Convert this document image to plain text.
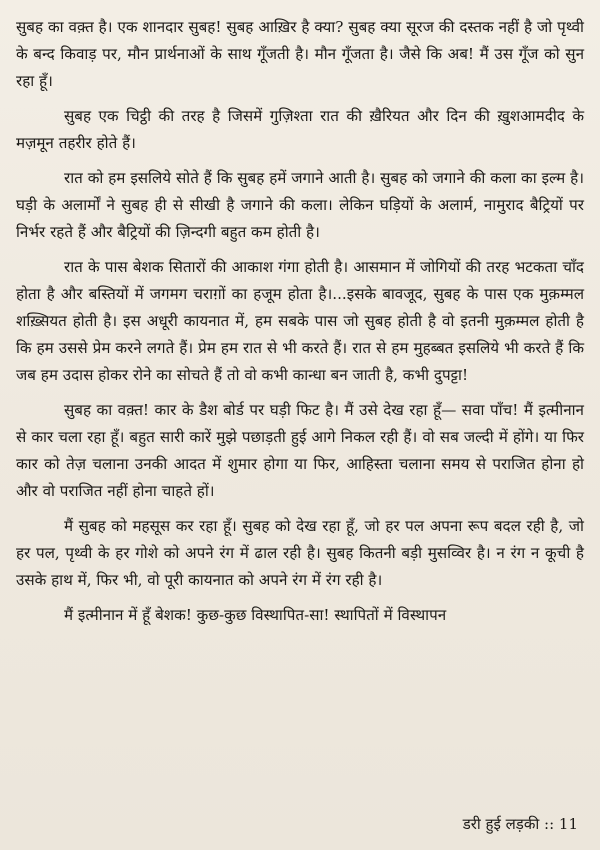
सुबह का वक़्त है। एक शानदार सुबह! सुबह आख़िर है क्या? सुबह क्या सूरज की दस्तक नहीं है जो पृथ्वी के बन्द किवाड़ पर, मौन प्रार्थनाओं के साथ गूँजती है। मौन गूँजता है। जैसे कि अब! मैं उस गूँज को सुन रहा हूँ।

सुबह एक चिट्ठी की तरह है जिसमें गुज़िश्ता रात की ख़ैरियत और दिन की ख़ुशआमदीद के मज़मून तहरीर होते हैं।

रात को हम इसलिये सोते हैं कि सुबह हमें जगाने आती है। सुबह को जगाने की कला का इल्म है। घड़ी के अलार्मों ने सुबह ही से सीखी है जगाने की कला। लेकिन घड़ियों के अलार्म, नामुराद बैट्रियों पर निर्भर रहते हैं और बैट्रियों की ज़िन्दगी बहुत कम होती है।

रात के पास बेशक सितारों की आकाश गंगा होती है। आसमान में जोगियों की तरह भटकता चाँद होता है और बस्तियों में जगमग चराग़ों का हजूम होता है।...इसके बावजूद, सुबह के पास एक मुक़म्मल शख़्सियत होती है। इस अधूरी कायनात में, हम सबके पास जो सुबह होती है वो इतनी मुक़म्मल होती है कि हम उससे प्रेम करने लगते हैं। प्रेम हम रात से भी करते हैं। रात से हम मुहब्बत इसलिये भी करते हैं कि जब हम उदास होकर रोने का सोचते हैं तो वो कभी कान्धा बन जाती है, कभी दुपट्टा!

सुबह का वक़्त! कार के डैश बोर्ड पर घड़ी फिट है। मैं उसे देख रहा हूँ— सवा पाँच! मैं इत्मीनान से कार चला रहा हूँ। बहुत सारी कारें मुझे पछाड़ती हुई आगे निकल रही हैं। वो सब जल्दी में होंगे। या फिर कार को तेज़ चलाना उनकी आदत में शुमार होगा या फिर, आहिस्ता चलाना समय से पराजित होना हो और वो पराजित नहीं होना चाहते हों।

मैं सुबह को महसूस कर रहा हूँ। सुबह को देख रहा हूँ, जो हर पल अपना रूप बदल रही है, जो हर पल, पृथ्वी के हर गोशे को अपने रंग में ढाल रही है। सुबह कितनी बड़ी मुसव्विर है। न रंग न कूची है उसके हाथ में, फिर भी, वो पूरी कायनात को अपने रंग में रंग रही है।

मैं इत्मीनान में हूँ बेशक! कुछ-कुछ विस्थापित-सा! स्थापितों में विस्थापन

डरी हुई लड़की :: 11
